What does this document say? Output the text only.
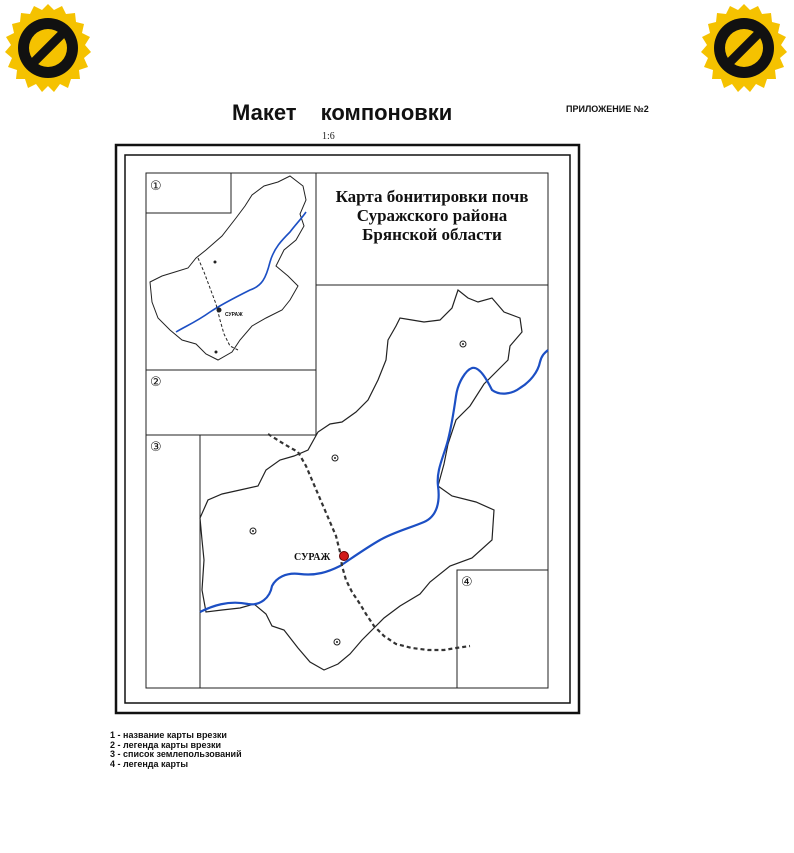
Макет компоновки
1:6
ПРИЛОЖЕНИЕ №2
СУРАЖ
СУРАЖ
①
②
③
④
Карта бонитировки почв
Суражского района
Брянской области
1 - название карты врезки
2 - легенда карты врезки
3 - список землепользований
4 - легенда карты
